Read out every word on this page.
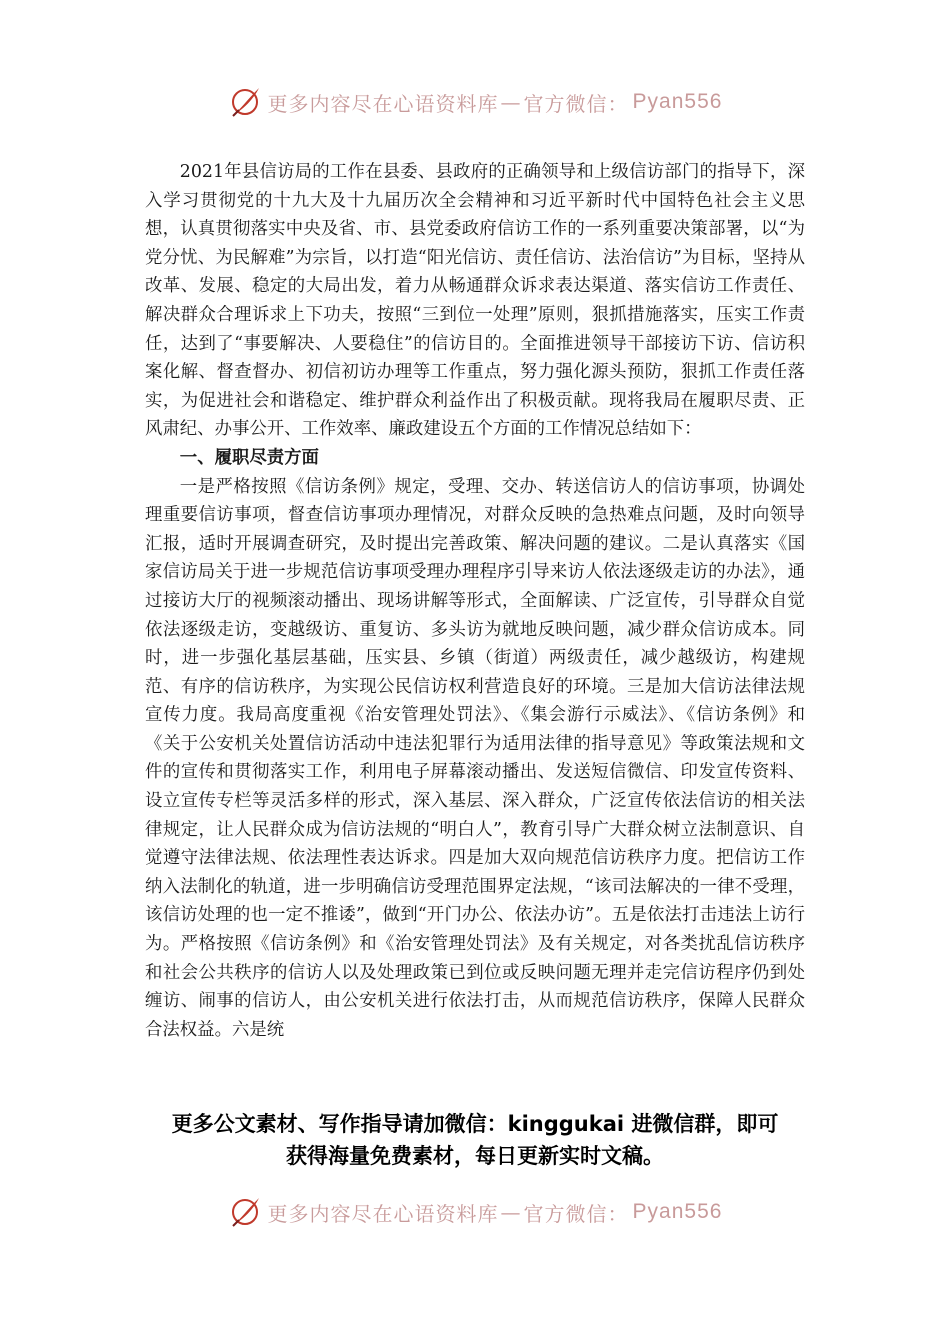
更多内容尽在心语资料库 — 官方微信： Pyan556

2021年县信访局的工作在县委、县政府的正确领导和上级信访部门的指导下，深入学习贯彻党的十九大及十九届历次全会精神和习近平新时代中国特色社会主义思想，认真贯彻落实中央及省、市、县党委政府信访工作的一系列重要决策部署，以“为党分忧、为民解难”为宗旨，以打造“阳光信访、责任信访、法治信访”为目标，坚持从改革、发展、稳定的大局出发，着力从畅通群众诉求表达渠道、落实信访工作责任、解决群众合理诉求上下功夫，按照“三到位一处理”原则，狠抓措施落实，压实工作责任，达到了“事要解决、人要稳住”的信访目的。全面推进领导干部接访下访、信访积案化解、督查督办、初信初访办理等工作重点，努力强化源头预防，狠抓工作责任落实，为促进社会和谐稳定、维护群众利益作出了积极贡献。现将我局在履职尽责、正风肃纪、办事公开、工作效率、廉政建设五个方面的工作情况总结如下：

一、履职尽责方面

一是严格按照《信访条例》规定，受理、交办、转送信访人的信访事项，协调处理重要信访事项，督查信访事项办理情况，对群众反映的急热难点问题，及时向领导汇报，适时开展调查研究，及时提出完善政策、解决问题的建议。二是认真落实《国家信访局关于进一步规范信访事项受理办理程序引导来访人依法逐级走访的办法》，通过接访大厅的视频滚动播出、现场讲解等形式，全面解读、广泛宣传，引导群众自觉依法逐级走访，变越级访、重复访、多头访为就地反映问题，减少群众信访成本。同时，进一步强化基层基础，压实县、乡镇（街道）两级责任，减少越级访，构建规范、有序的信访秩序，为实现公民信访权利营造良好的环境。三是加大信访法律法规宣传力度。我局高度重视《治安管理处罚法》、《集会游行示威法》、《信访条例》和《关于公安机关处置信访活动中违法犯罪行为适用法律的指导意见》等政策法规和文件的宣传和贯彻落实工作，利用电子屏幕滚动播出、发送短信微信、印发宣传资料、设立宣传专栏等灵活多样的形式，深入基层、深入群众，广泛宣传依法信访的相关法律规定，让人民群众成为信访法规的“明白人”，教育引导广大群众树立法制意识、自觉遵守法律法规、依法理性表达诉求。四是加大双向规范信访秩序力度。把信访工作纳入法制化的轨道，进一步明确信访受理范围界定法规，“该司法解决的一律不受理，该信访处理的也一定不推诿”，做到“开门办公、依法办访”。五是依法打击违法上访行为。严格按照《信访条例》和《治安管理处罚法》及有关规定，对各类扰乱信访秩序和社会公共秩序的信访人以及处理政策已到位或反映问题无理并走完信访程序仍到处缠访、闹事的信访人，由公安机关进行依法打击，从而规范信访秩序，保障人民群众合法权益。六是统

更多公文素材、写作指导请加微信：kinggukai 进微信群，即可
获得海量免费素材，每日更新实时文稿。
更多内容尽在心语资料库 — 官方微信： Pyan556
